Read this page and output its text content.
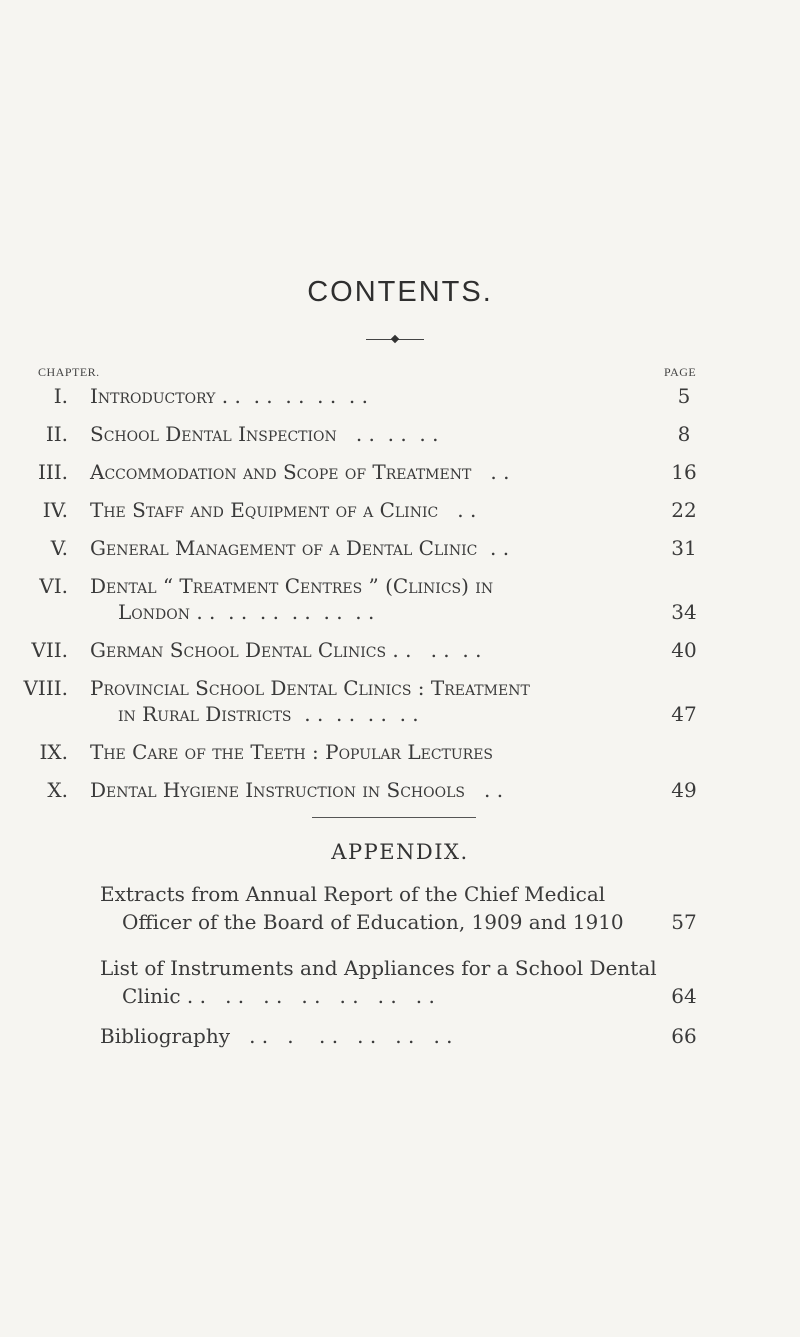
CONTENTS.
CHAPTER.	PAGE
I. Introductory . .  . .  . .  . .  . .	5
II. School Dental Inspection   . .  . .  . .	8
III. Accommodation and Scope of Treatment   . .	16
IV. The Staff and Equipment of a Clinic   . .	22
V. General Management of a Dental Clinic  . .	31
VI. Dental “ Treatment Centres ” (Clinics) in
London . .  . .  . .  . .  . .  . .	34
VII. German School Dental Clinics . .   . .  . .	40
VIII. Provincial School Dental Clinics : Treatment
in Rural Districts  . .  . .  . .  . .	47
IX. The Care of the Teeth : Popular Lectures
X. Dental Hygiene Instruction in Schools   . .	49
APPENDIX.
Extracts from Annual Report of the Chief Medical
Officer of the Board of Education, 1909 and 1910	57
List of Instruments and Appliances for a School Dental
Clinic . .   . .   . .   . .   . .   . .   . .	64
Bibliography   . .   .    . .   . .   . .   . .	66
